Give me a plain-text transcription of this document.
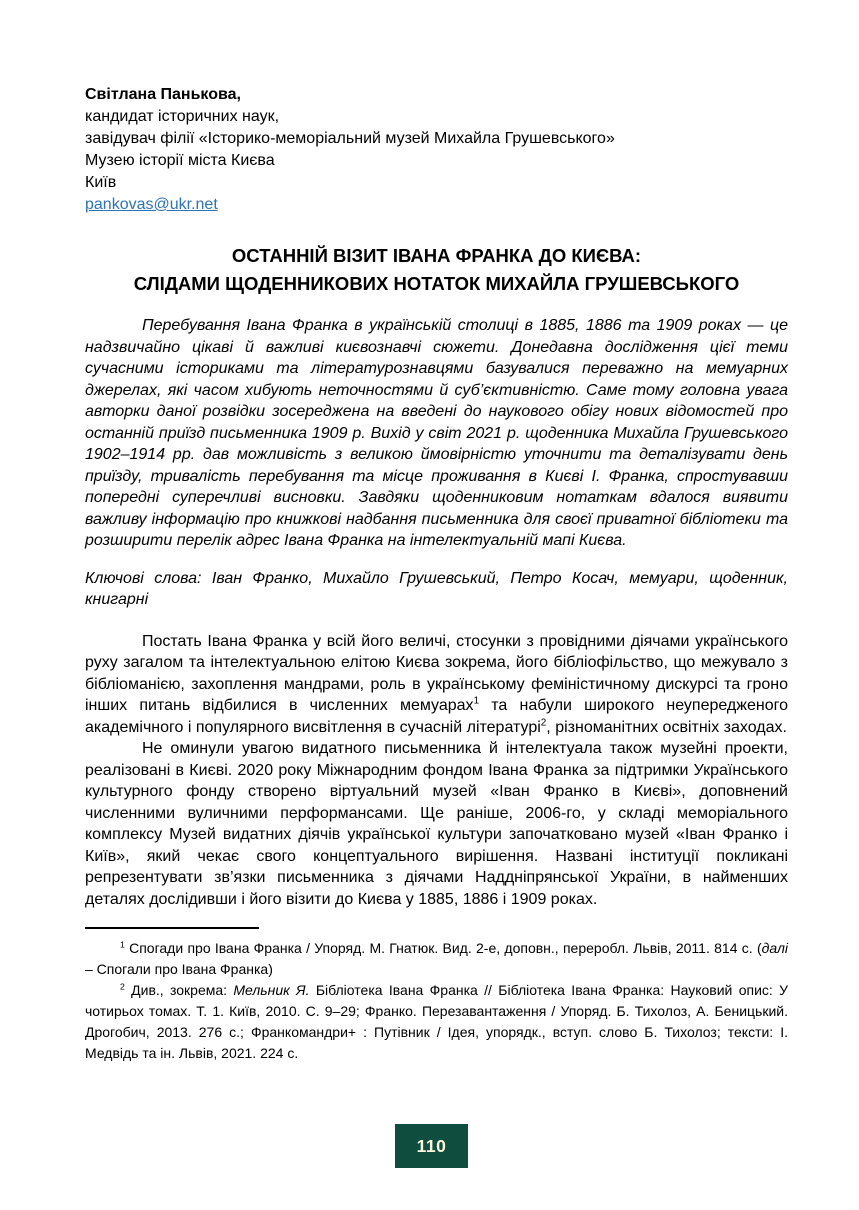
Світлана Панькова,
кандидат історичних наук,
завідувач філії «Історико-меморіальний музей Михайла Грушевського»
Музею історії міста Києва
Київ
pankovas@ukr.net
ОСТАННІЙ ВІЗИТ ІВАНА ФРАНКА ДО КИЄВА:
СЛІДАМИ ЩОДЕННИКОВИХ НОТАТОК МИХАЙЛА ГРУШЕВСЬКОГО

Перебування Івана Франка в українській столиці в 1885, 1886 та 1909 роках — це надзвичайно цікаві й важливі києвознавчі сюжети. Донедавна дослідження цієї теми сучасними істориками та літературознавцями базувалися переважно на мемуарних джерелах, які часом хибують неточностями й суб’єктивністю. Саме тому головна увага авторки даної розвідки зосереджена на введені до наукового обігу нових відомостей про останній приїзд письменника 1909 р. Вихід у світ 2021 р. щоденника Михайла Грушевського 1902–1914 рр. дав можливість з великою ймовірністю уточнити та деталізувати день приїзду, тривалість перебування та місце проживання в Києві І. Франка, спростувавши попередні суперечливі висновки. Завдяки щоденниковим нотаткам вдалося виявити важливу інформацію про книжкові надбання письменника для своєї приватної бібліотеки та розширити перелік адрес Івана Франка на інтелектуальній мапі Києва.

Ключові слова: Іван Франко, Михайло Грушевський, Петро Косач, мемуари, щоденник, книгарні

Постать Івана Франка у всій його величі, стосунки з провідними діячами українського руху загалом та інтелектуальною елітою Києва зокрема, його бібліофільство, що межувало з бібліоманією, захоплення мандрами, роль в українському феміністичному дискурсі та гроно інших питань відбилися в численних мемуарах$^1$ та набули широкого неупередженого академічного і популярного висвітлення в сучасній літературі$^2$, різноманітних освітніх заходах.

Не оминули увагою видатного письменника й інтелектуала також музейні проекти, реалізовані в Києві. 2020 року Міжнародним фондом Івана Франка за підтримки Українського культурного фонду створено віртуальний музей «Іван Франко в Києві», доповнений численними вуличними перформансами. Ще раніше, 2006-го, у складі меморіального комплексу Музей видатних діячів української культури започатковано музей «Іван Франко і Київ», який чекає свого концептуального вирішення. Названі інституції покликані репрезентувати зв’язки письменника з діячами Наддніпрянської України, в найменших деталях дослідивши і його візити до Києва у 1885, 1886 і 1909 роках.

$^1$ Спогади про Івана Франка / Упоряд. М. Гнатюк. Вид. 2-е, доповн., переробл. Львів, 2011. 814 с. (далі – Спогали про Івана Франка)

$^2$ Див., зокрема: Мельник Я. Бібліотека Івана Франка // Бібліотека Івана Франка: Науковий опис: У чотирьох томах. Т. 1. Київ, 2010. С. 9–29; Франко. Перезавантаження / Упоряд. Б. Тихолоз, А. Беницький. Дрогобич, 2013. 276 с.; Франкомандри+ : Путівник / Ідея, упорядк., вступ. слово Б. Тихолоз; тексти: І. Медвідь та ін. Львів, 2021. 224 с.

110
